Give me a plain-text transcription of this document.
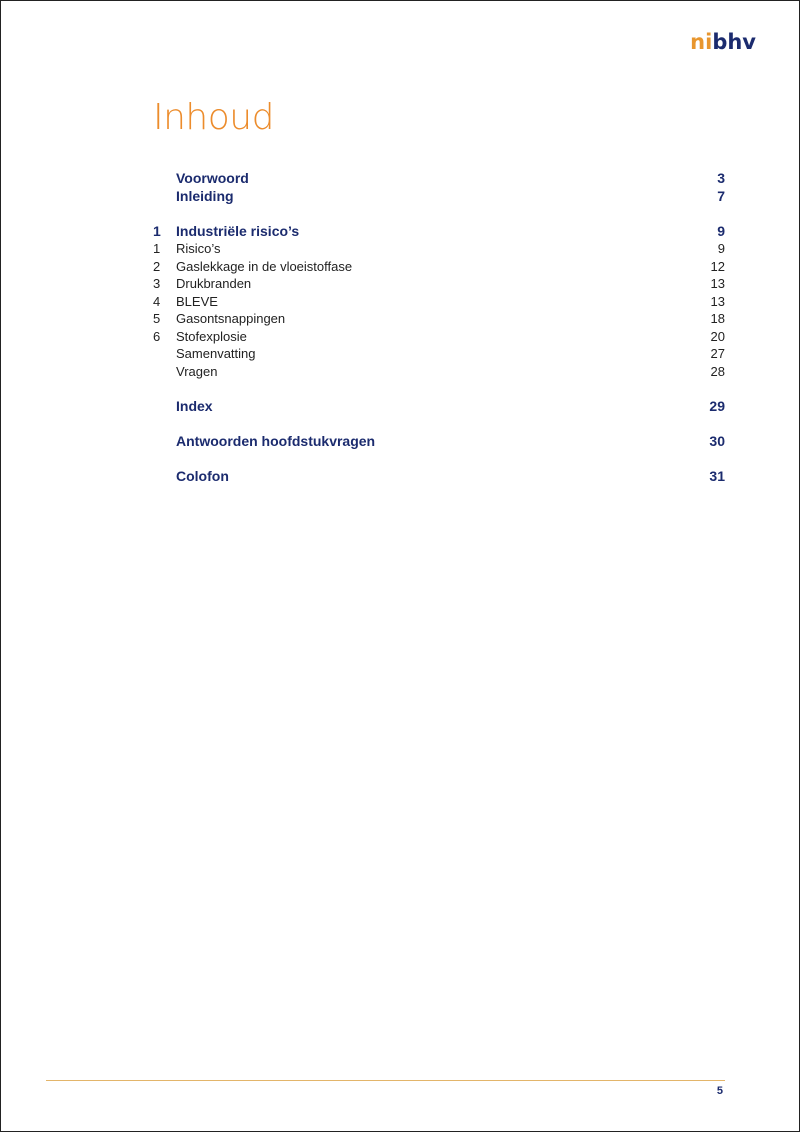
nibhv
Inhoud
Voorwoord	3
Inleiding	7
1	Industriële risico’s	9
1	Risico’s	9
2	Gaslekkage in de vloeistoffase	12
3	Drukbranden	13
4	BLEVE	13
5	Gasontsnappingen	18
6	Stofexplosie	20
Samenvatting	27
Vragen	28
Index	29
Antwoorden hoofdstukvragen	30
Colofon	31
5
